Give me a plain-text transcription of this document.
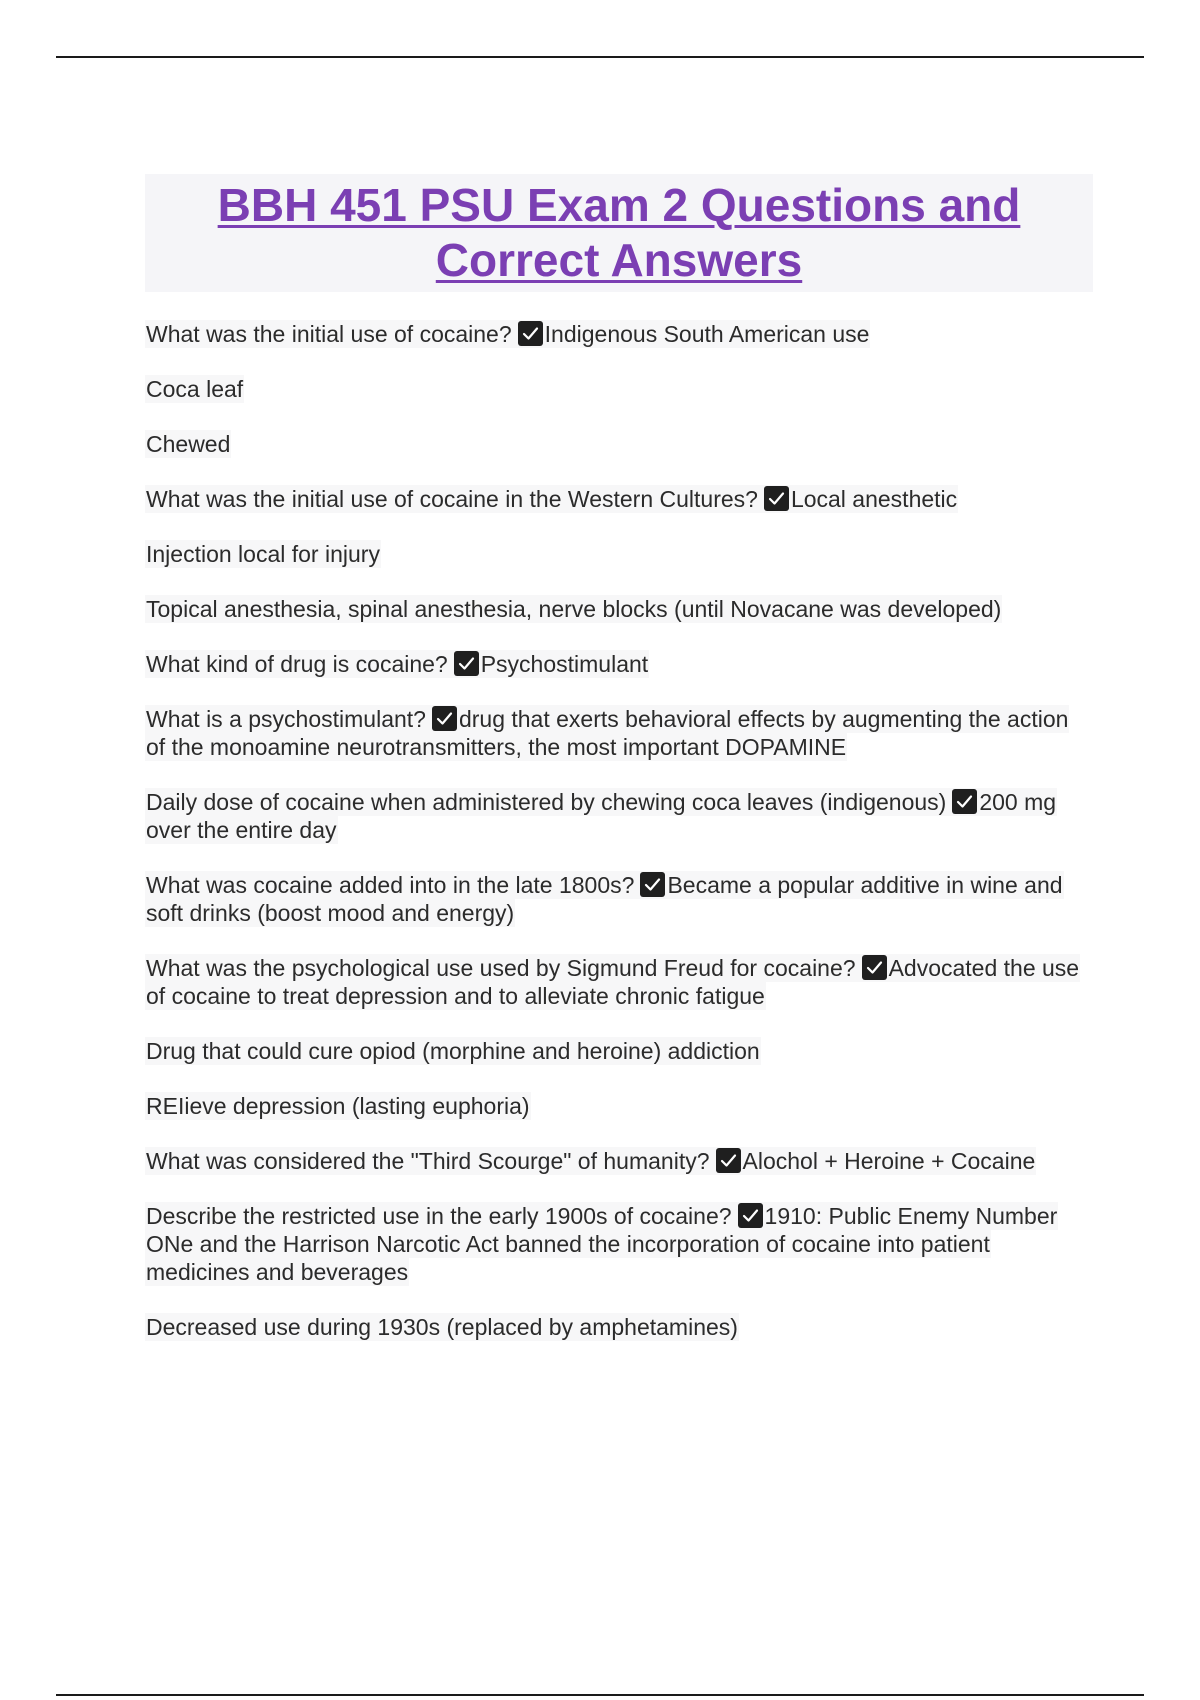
BBH 451 PSU Exam 2 Questions and Correct Answers

What was the initial use of cocaine? Indigenous South American use

Coca leaf

Chewed

What was the initial use of cocaine in the Western Cultures? Local anesthetic

Injection local for injury

Topical anesthesia, spinal anesthesia, nerve blocks (until Novacane was developed)

What kind of drug is cocaine? Psychostimulant

What is a psychostimulant? drug that exerts behavioral effects by augmenting the action of the monoamine neurotransmitters, the most important DOPAMINE

Daily dose of cocaine when administered by chewing coca leaves (indigenous) 200 mg over the entire day

What was cocaine added into in the late 1800s? Became a popular additive in wine and soft drinks (boost mood and energy)

What was the psychological use used by Sigmund Freud for cocaine? Advocated the use of cocaine to treat depression and to alleviate chronic fatigue

Drug that could cure opiod (morphine and heroine) addiction

REIieve depression (lasting euphoria)

What was considered the "Third Scourge" of humanity? Alochol + Heroine + Cocaine

Describe the restricted use in the early 1900s of cocaine? 1910: Public Enemy Number ONe and the Harrison Narcotic Act banned the incorporation of cocaine into patient medicines and beverages

Decreased use during 1930s (replaced by amphetamines)
